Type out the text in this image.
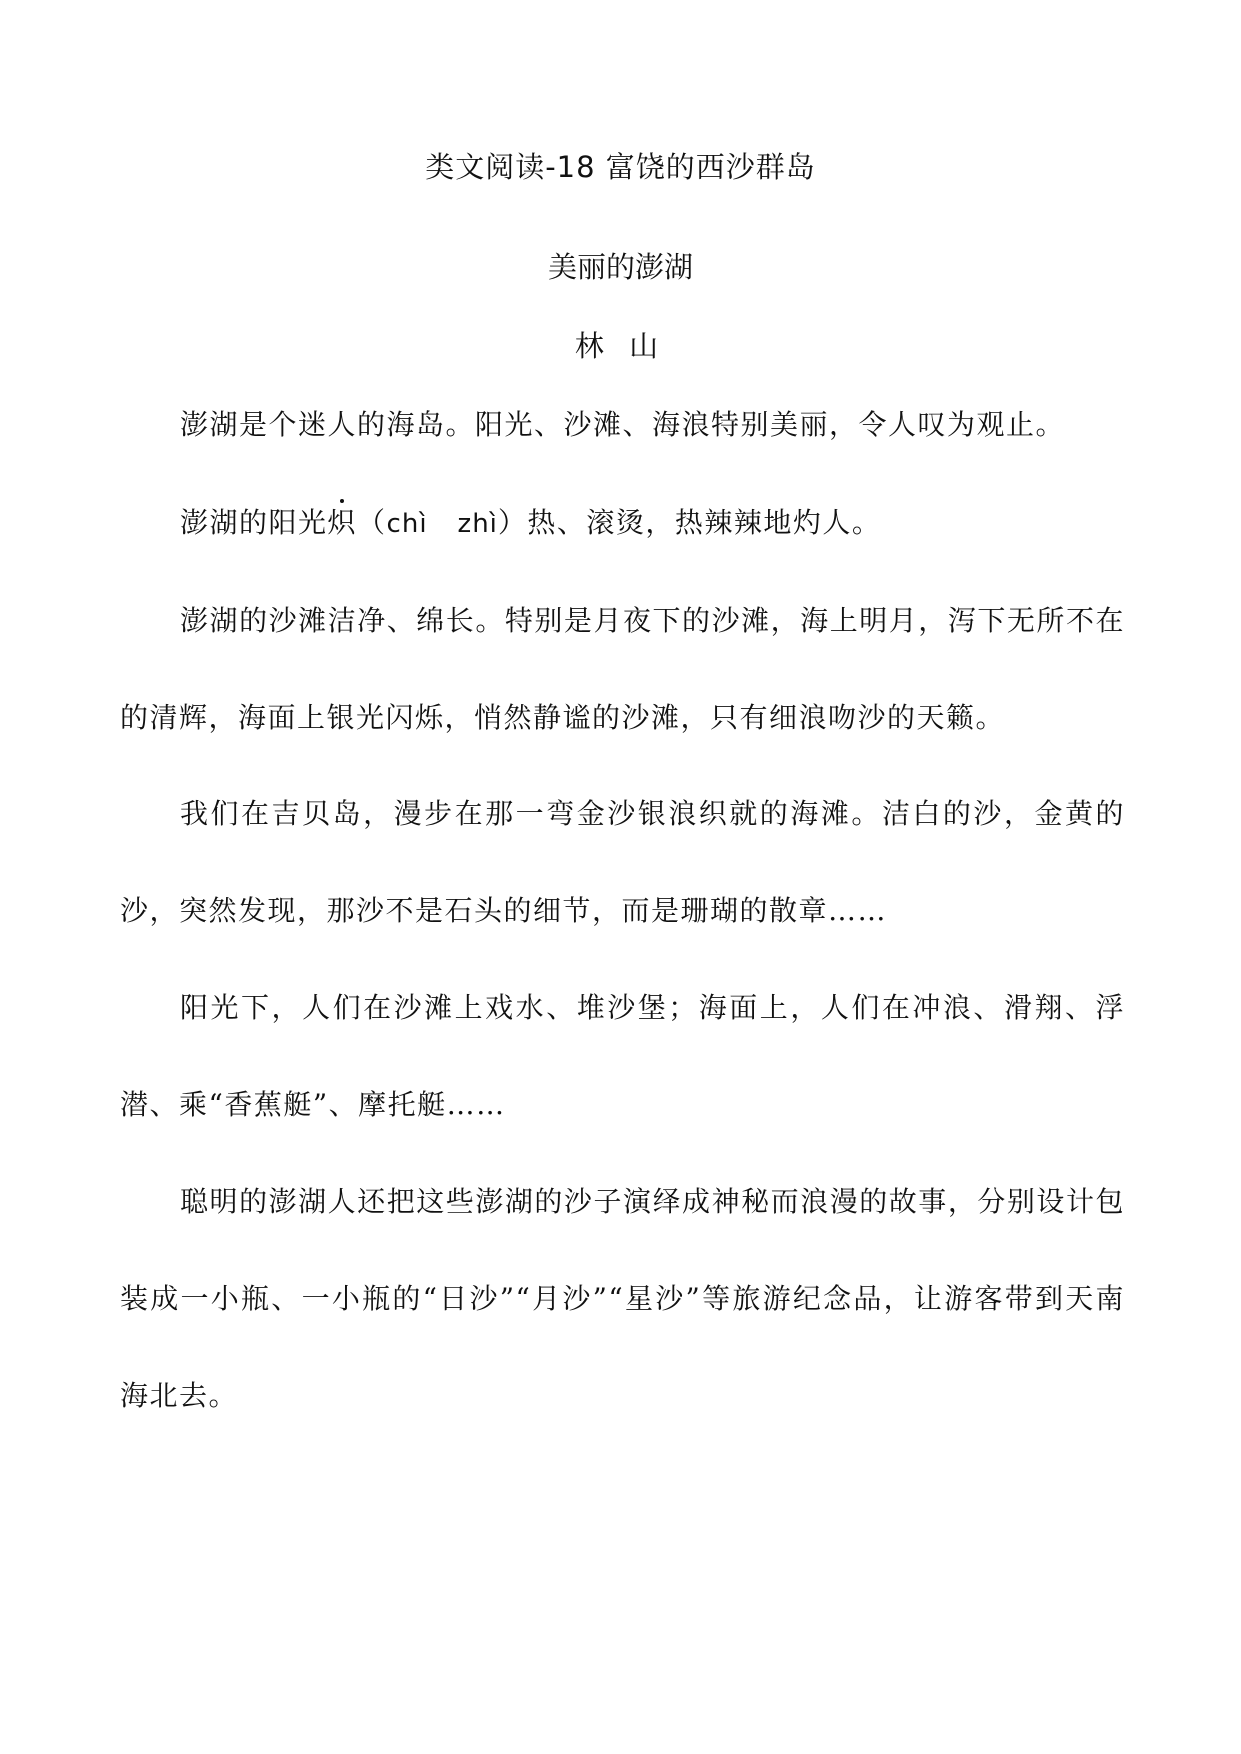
类文阅读-18 富饶的西沙群岛
美丽的澎湖
林 山

澎湖是个迷人的海岛。阳光、沙滩、海浪特别美丽，令人叹为观止。

澎湖的阳光炽（chì zhì）热、滚烫，热辣辣地灼人。

澎湖的沙滩洁净、绵长。特别是月夜下的沙滩，海上明月，泻下无所不在的清辉，海面上银光闪烁，悄然静谧的沙滩，只有细浪吻沙的天籁。

我们在吉贝岛，漫步在那一弯金沙银浪织就的海滩。洁白的沙，金黄的沙，突然发现，那沙不是石头的细节，而是珊瑚的散章……

阳光下，人们在沙滩上戏水、堆沙堡；海面上，人们在冲浪、滑翔、浮潜、乘“香蕉艇”、摩托艇……

聪明的澎湖人还把这些澎湖的沙子演绎成神秘而浪漫的故事，分别设计包装成一小瓶、一小瓶的“日沙”“月沙”“星沙”等旅游纪念品，让游客带到天南海北去。
